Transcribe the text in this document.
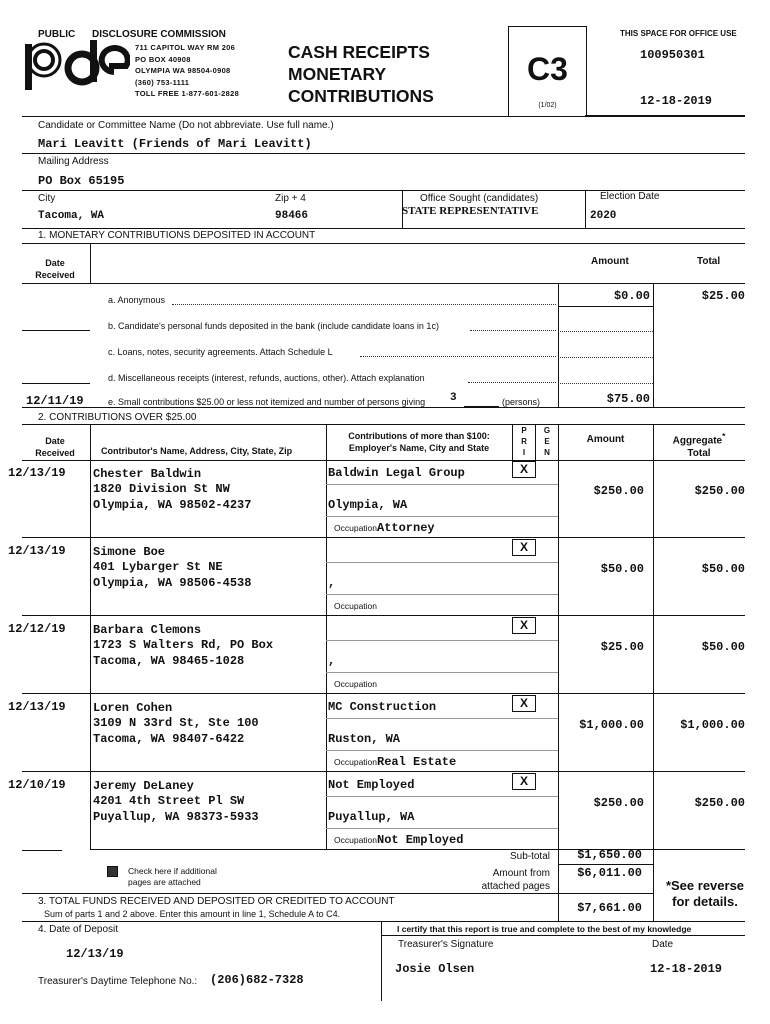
PUBLIC DISCLOSURE COMMISSION
711 CAPITOL WAY RM 206
PO BOX 40908
OLYMPIA WA 98504-0908
(360) 753-1111
TOLL FREE 1-877-601-2828
CASH RECEIPTS
MONETARY
CONTRIBUTIONS
C3
(1/02)
THIS SPACE FOR OFFICE USE
100950301
12-18-2019
Candidate or Committee Name (Do not abbreviate. Use full name.)
Mari Leavitt (Friends of Mari Leavitt)
Mailing Address
PO Box 65195
City
Tacoma, WA
Zip + 4
98466
Office Sought (candidates)
STATE REPRESENTATIVE
Election Date
2020
1. MONETARY CONTRIBUTIONS DEPOSITED IN ACCOUNT
Date
Received
Amount	Total
a. Anonymous	$0.00	$25.00
b. Candidate's personal funds deposited in the bank (include candidate loans in 1c)
c. Loans, notes, security agreements. Attach Schedule L
d. Miscellaneous receipts (interest, refunds, auctions, other). Attach explanation
12/11/19	e. Small contributions $25.00 or less not itemized and number of persons giving 3	(persons)	$75.00
2. CONTRIBUTIONS OVER $25.00
Date
Received	Contributor's Name, Address, City, State, Zip
Contributions of more than $100:
Employer's Name, City and State
P
R
I
G
E
N
Amount	Aggregate*
Total
12/13/19 Chester Baldwin
1820 Division St NW
Olympia, WA 98502-4237
Baldwin Legal Group
Olympia, WA
OccupationAttorney
X
$250.00	$250.00
12/13/19 Simone Boe
401 Lybarger St NE
Olympia, WA 98506-4538	,
Occupation
X
$50.00	$50.00
12/12/19 Barbara Clemons
1723 S Walters Rd, PO Box
Tacoma, WA 98465-1028	,
Occupation
X
$25.00	$50.00
12/13/19 Loren Cohen
3109 N 33rd St, Ste 100
Tacoma, WA 98407-6422
MC Construction
Ruston, WA
OccupationReal Estate
X
$1,000.00	$1,000.00
12/10/19 Jeremy DeLaney
4201 4th Street Pl SW
Puyallup, WA 98373-5933
Not Employed
Puyallup, WA
OccupationNot Employed
X
$250.00	$250.00
Check here if additional
pages are attached
Sub-total	$1,650.00
Amount from
attached pages
$6,011.00
*See reverse
for details.
3. TOTAL FUNDS RECEIVED AND DEPOSITED OR CREDITED TO ACCOUNT
Sum of parts 1 and 2 above. Enter this amount in line 1, Schedule A to C4.	$7,661.00
4. Date of Deposit
12/13/19
I certify that this report is true and complete to the best of my knowledge
Treasurer's Signature	Date
Josie Olsen	12-18-2019
Treasurer's Daytime Telephone No.: (206)682-7328
